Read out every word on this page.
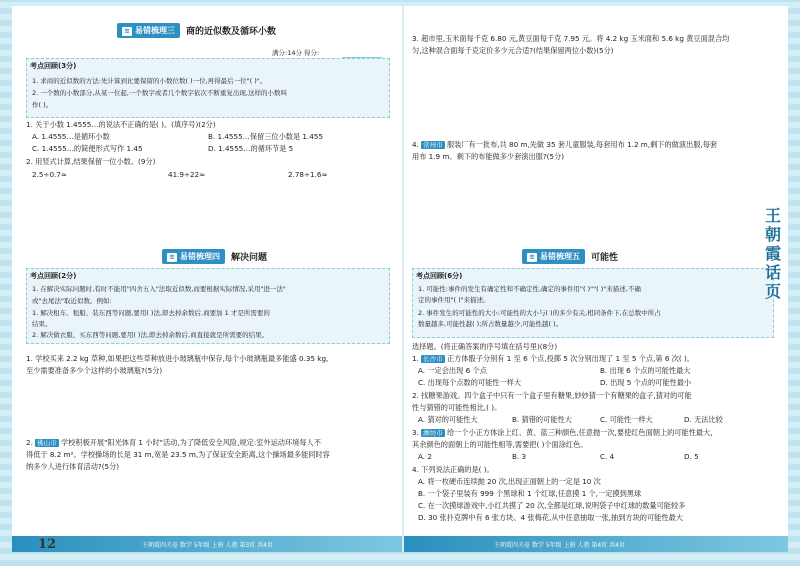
≋ 易错梳理三	商的近似数及循环小数
满分:14分 得分:
考点回顾(3分)
1. 求商的近似数的方法:先计算到比要保留的小数位数( )一位,再得最后一位"( )"。
2. 一个数的小数部分,从某一位起,一个数字或者几个数字依次不断重复出现,这样的小数叫
作( )。
1. 关于小数 1.4555…的说法不正确的是( )。(填序号)(2分)
A. 1.4555…是循环小数	B. 1.4555…保留三位小数是 1.455
C. 1.4555…的简便形式写作 1.45	D. 1.4555…的循环节是 5
2. 用竖式计算,结果保留一位小数。(9分)
2.5÷0.7≈	41.9÷22≈	2.78÷1.6≈
≋ 易错梳理四	解决问题
考点回顾(2分)
1. 在解决实际问题时,有时不能用"四舍五入"法取近似数,而要根据实际情况,采用"进一法"
或"去尾法"取近似数。例如:
1. 解决租车、租船、装东西等问题,要用( )法,即去掉余数后,商要加 1 才是所需要的
结果。
2. 解决做衣服、买东西等问题,要用( )法,即去掉余数后,商直接就是所需要的结果。
1. 学校买来 2.2 kg 草种,如果把这些草种放进小玻璃瓶中保存,每个小玻璃瓶最多能盛 0.35 kg,
至少需要准备多少个这样的小玻璃瓶?(5分)
2. 佛山市 学校积极开展"阳光体育 1 小时"活动,为了降低安全风险,规定:室外运动环境每人不
得低于 8.2 m²。学校操场的长是 31 m,宽是 23.5 m,为了保证安全距离,这个操场最多能同时容
纳多少人进行体育活动?(5分)
王朝霞四关卷 数学 5年级 上册 人教 第3页 共4页
12
3. 超市里,玉米面每千克 6.80 元,黄豆面每千克 7.95 元。将 4.2 kg 玉米面和 5.6 kg 黄豆面混合均
匀,这种混合面每千克定价多少元合适?(结果保留两位小数)(5分)
4. 常州市 服装厂有一批布,共 80 m,先做 35 套儿童服装,每套用布 1.2 m,剩下的做演出服,每套
用布 1.9 m。剩下的布能做多少套演出服?(5分)
≋ 易错梳理五	可能性
考点回顾(6分)
1. 可能性:事件的发生有确定性和不确定性,确定的事件用"( )""( )"来描述,不确
定的事件用"( )"来描述。
2. 事件发生的可能性的大小:可能性的大小与( )的多少有关,相同条件下,在总数中所占
数量越多,可能性越( );所占数量越少,可能性越( )。
选择题。(将正确答案的序号填在括号里)(8分)
1. 长沙市 正方体骰子分别有 1 至 6 个点,投掷 5 次分别出现了 1 至 5 个点,第 6 次( )。
A. 一定会出现 6 个点	B. 出现 6 个点的可能性最大
C. 出现每个点数的可能性一样大	D. 出现 5 个点的可能性最小
2. 找糖果游戏。四个盒子中只有一个盒子里有糖果,妙妙猜一个有糖果的盒子,猜对的可能
性与猜错的可能性相比,( )。
A. 猜对的可能性大	B. 猜错的可能性大	C. 可能性一样大	D. 无法比较
3. 潍坊市 给一个小正方体涂上红、黄、蓝三种颜色,任意抛一次,要使红色面朝上的可能性最大,
其余颜色的面朝上的可能性相等,需要把( )个面涂红色。
A. 2	B. 3	C. 4	D. 5
4. 下列说法正确的是( )。
A. 将一枚硬币连续抛 20 次,出现正面朝上的一定是 10 次
B. 一个袋子里装有 999 个黑球和 1 个红球,任意摸 1 个,一定摸到黑球
C. 在一次摸球游戏中,小红共摸了 20 次,全都是红球,说明袋子中红球的数量可能较多
D. 30 张扑克牌中有 6 张方块、4 张梅花,从中任意抽取一张,抽到方块的可能性最大
王朝霞四关卷 数学 5年级 上册 人教 第4页 共4页
王朝霞话页
